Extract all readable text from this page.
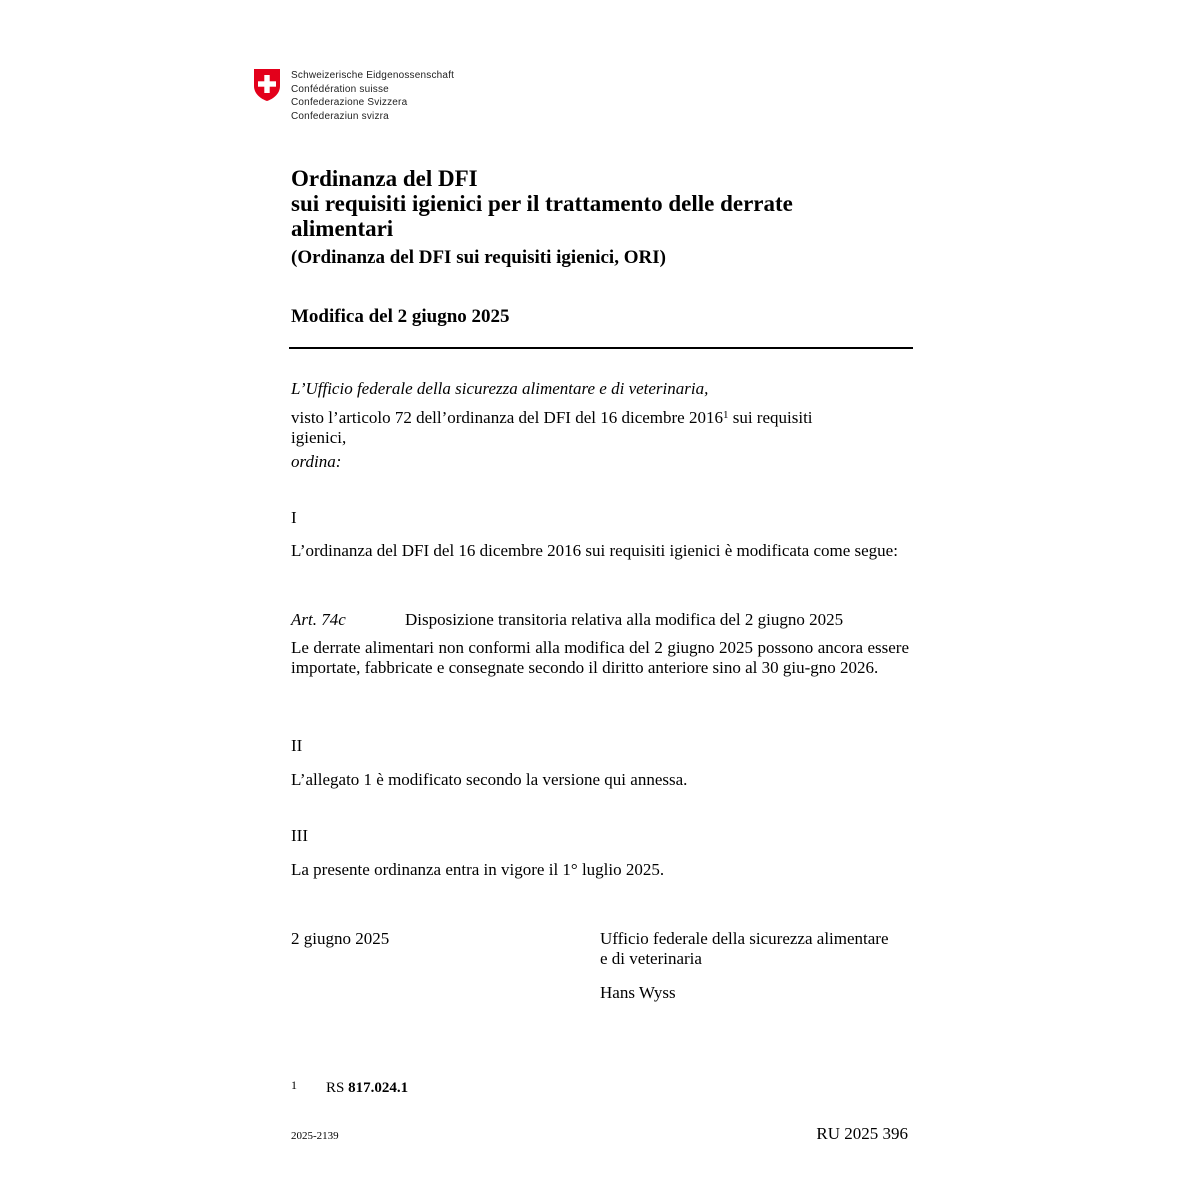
Schweizerische Eidgenossenschaft
Confédération suisse
Confederazione Svizzera
Confederaziun svizra
Ordinanza del DFI
sui requisiti igienici per il trattamento delle derrate
alimentari
(Ordinanza del DFI sui requisiti igienici, ORI)
Modifica del 2 giugno 2025
L’Ufficio federale della sicurezza alimentare e di veterinaria,
visto l’articolo 72 dell’ordinanza del DFI del 16 dicembre 2016$^1$ sui requisiti igienici,
ordina:
I
L’ordinanza del DFI del 16 dicembre 2016 sui requisiti igienici è modificata come segue:
Art. 74c	Disposizione transitoria relativa alla modifica del 2 giugno 2025
Le derrate alimentari non conformi alla modifica del 2 giugno 2025 possono ancora essere importate, fabbricate e consegnate secondo il diritto anteriore sino al 30 giu-gno 2026.
II
L’allegato 1 è modificato secondo la versione qui annessa.
III
La presente ordinanza entra in vigore il 1° luglio 2025.
2 giugno 2025	Ufficio federale della sicurezza alimentare
e di veterinaria
Hans Wyss
1 RS 817.024.1
2025-2139	RU 2025 396
